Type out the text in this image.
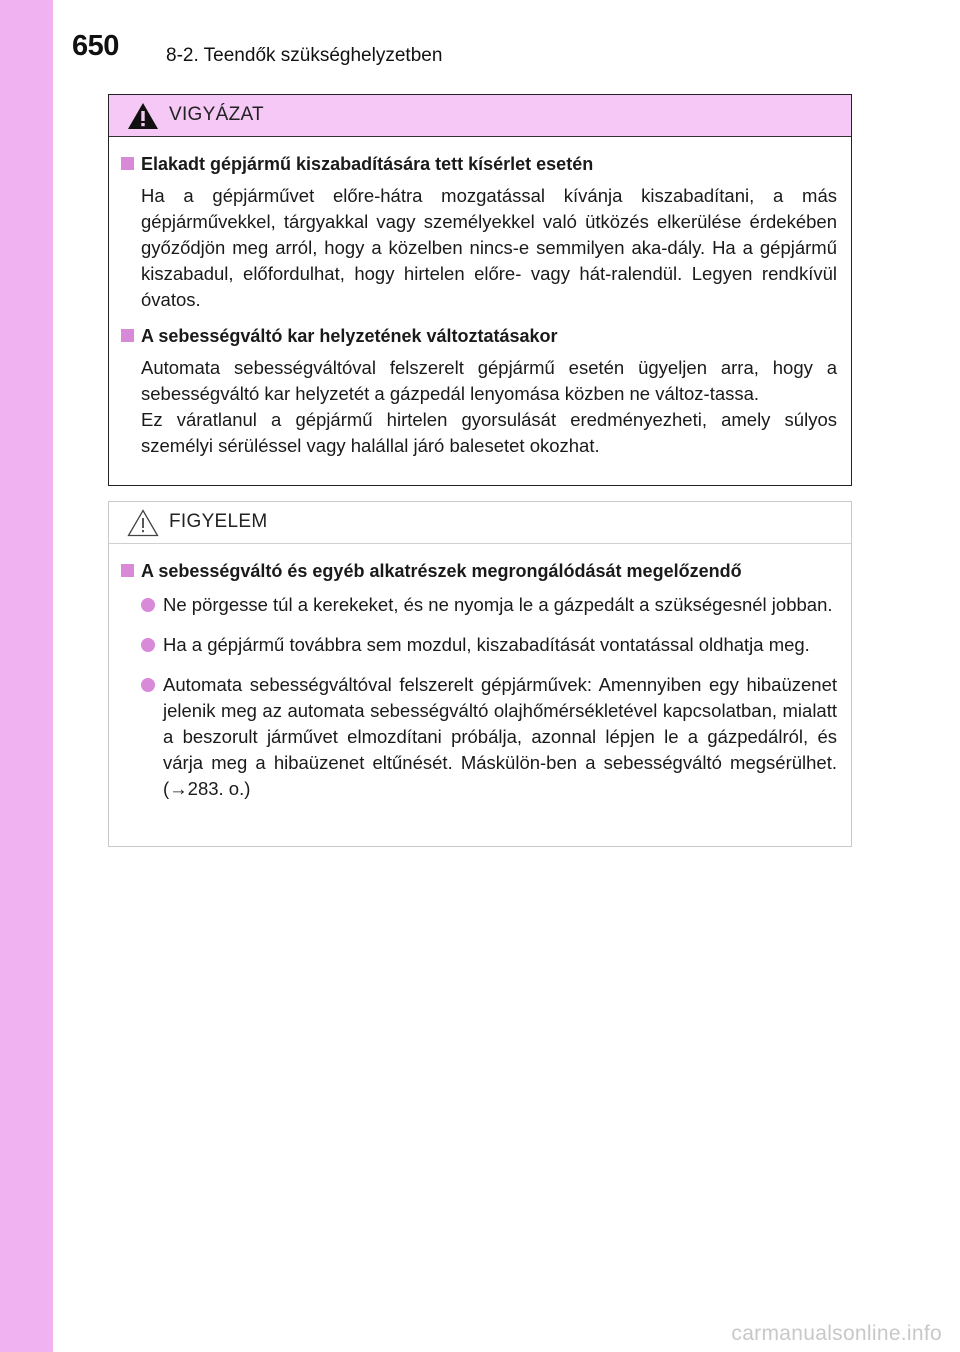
650 8-2. Teendők szükséghelyzetben
VIGYÁZAT

Elakadt gépjármű kiszabadítására tett kísérlet esetén

Ha a gépjárművet előre-hátra mozgatással kívánja kiszabadítani, a más gépjárművekkel, tárgyakkal vagy személyekkel való ütközés elkerülése érdekében győződjön meg arról, hogy a közelben nincs-e semmilyen aka-dály. Ha a gépjármű kiszabadul, előfordulhat, hogy hirtelen előre- vagy hát-ralendül. Legyen rendkívül óvatos.

A sebességváltó kar helyzetének változtatásakor

Automata sebességváltóval felszerelt gépjármű esetén ügyeljen arra, hogy a sebességváltó kar helyzetét a gázpedál lenyomása közben ne változ-tassa.

Ez váratlanul a gépjármű hirtelen gyorsulását eredményezheti, amely súlyos személyi sérüléssel vagy halállal járó balesetet okozhat.

FIGYELEM

A sebességváltó és egyéb alkatrészek megrongálódását megelőzendő

Ne pörgesse túl a kerekeket, és ne nyomja le a gázpedált a szükségesnél jobban.

Ha a gépjármű továbbra sem mozdul, kiszabadítását vontatással oldhatja meg.

Automata sebességváltóval felszerelt gépjárművek: Amennyiben egy hibaüzenet jelenik meg az automata sebességváltó olajhőmérsékletével kapcsolatban, mialatt a beszorult járművet elmozdítani próbálja, azonnal lépjen le a gázpedálról, és várja meg a hibaüzenet eltűnését. Máskülön-ben a sebességváltó megsérülhet. (→283. o.)

carmanualsonline.info
